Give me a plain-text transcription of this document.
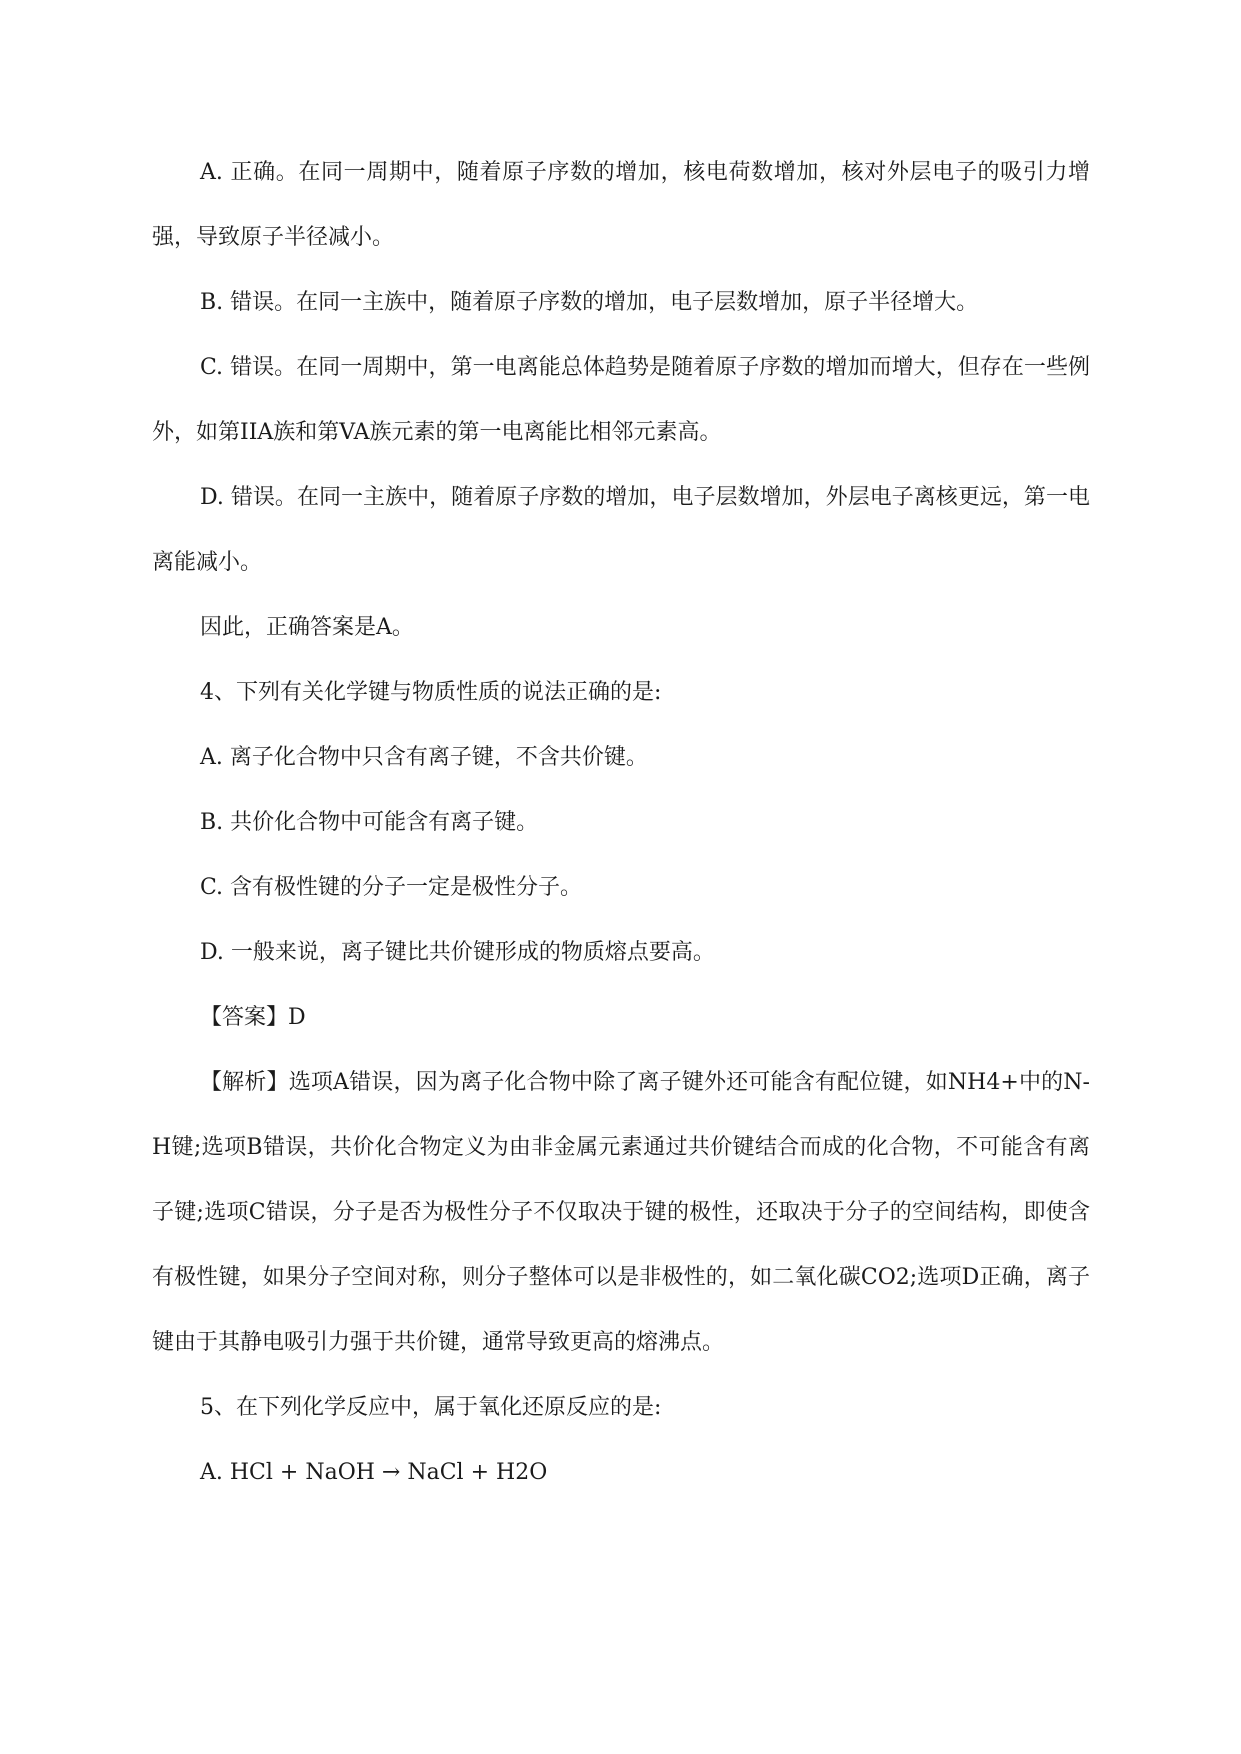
A. 正确。在同一周期中，随着原子序数的增加，核电荷数增加，核对外层电子的吸引力增强，导致原子半径减小。

B. 错误。在同一主族中，随着原子序数的增加，电子层数增加，原子半径增大。

C. 错误。在同一周期中，第一电离能总体趋势是随着原子序数的增加而增大，但存在一些例外，如第IIA族和第VA族元素的第一电离能比相邻元素高。

D. 错误。在同一主族中，随着原子序数的增加，电子层数增加，外层电子离核更远，第一电离能减小。

因此，正确答案是A。

4、下列有关化学键与物质性质的说法正确的是:

A. 离子化合物中只含有离子键，不含共价键。

B. 共价化合物中可能含有离子键。

C. 含有极性键的分子一定是极性分子。

D. 一般来说，离子键比共价键形成的物质熔点要高。

【答案】D

【解析】选项A错误，因为离子化合物中除了离子键外还可能含有配位键，如NH4+中的N-H键;选项B错误，共价化合物定义为由非金属元素通过共价键结合而成的化合物，不可能含有离子键;选项C错误，分子是否为极性分子不仅取决于键的极性，还取决于分子的空间结构，即使含有极性键，如果分子空间对称，则分子整体可以是非极性的，如二氧化碳CO2;选项D正确，离子键由于其静电吸引力强于共价键，通常导致更高的熔沸点。

5、在下列化学反应中，属于氧化还原反应的是:

A. HCl + NaOH → NaCl + H2O
